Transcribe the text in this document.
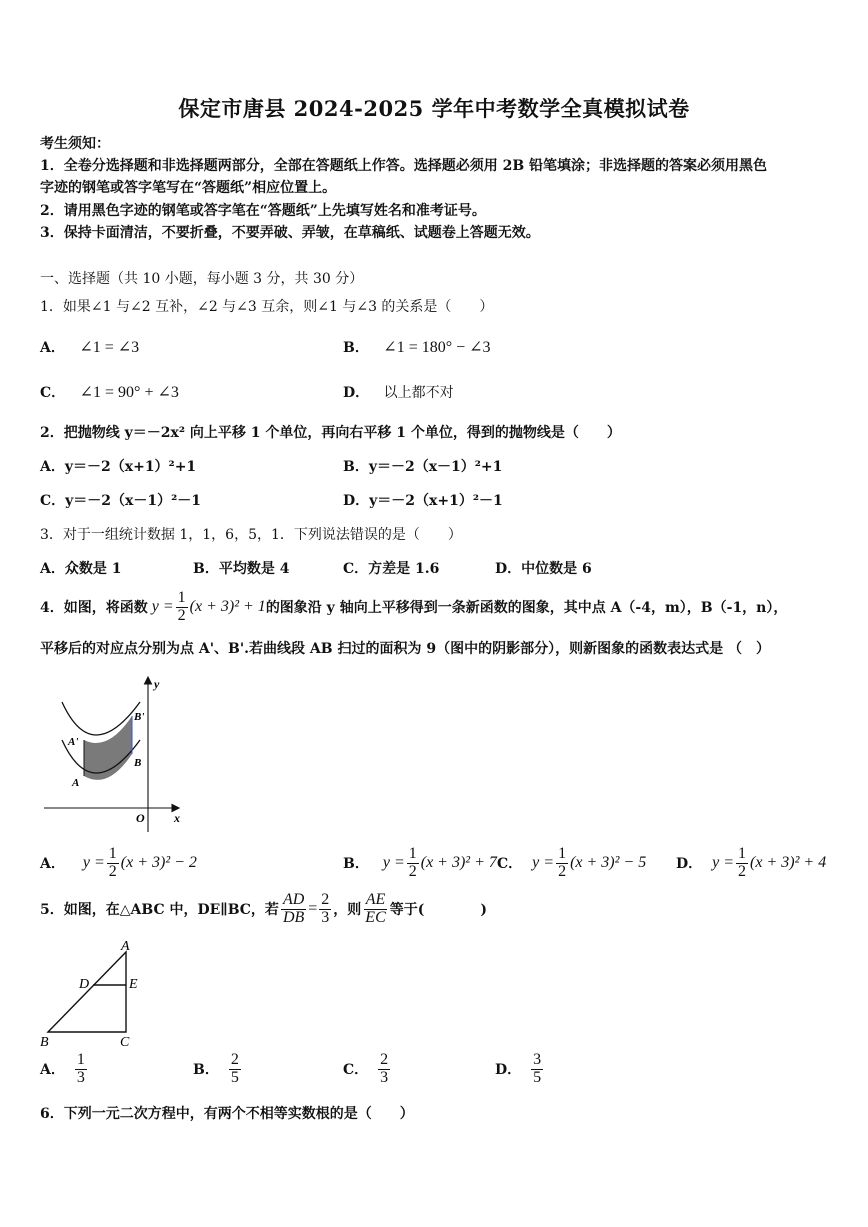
保定市唐县 2024-2025 学年中考数学全真模拟试卷
考生须知：
1．全卷分选择题和非选择题两部分，全部在答题纸上作答。选择题必须用 2B 铅笔填涂；非选择题的答案必须用黑色
字迹的钢笔或答字笔写在“答题纸”相应位置上。
2．请用黑色字迹的钢笔或答字笔在“答题纸”上先填写姓名和准考证号。
3．保持卡面清洁，不要折叠，不要弄破、弄皱，在草稿纸、试题卷上答题无效。
一、选择题（共 10 小题，每小题 3 分，共 30 分）
1．如果∠1 与∠2 互补，∠2 与∠3 互余，则∠1 与∠3 的关系是（　　）
A． ∠1 = ∠3	B． ∠1 = 180° − ∠3
C． ∠1 = 90° + ∠3	D． 以上都不对
2．把抛物线 y＝－2x² 向上平移 1 个单位，再向右平移 1 个单位，得到的抛物线是（　　）
A．y＝－2（x+1）²+1	B．y＝－2（x－1）²+1
C．y＝－2（x－1）²－1	D．y＝－2（x+1）²－1
3．对于一组统计数据 1，1，6，5，1．下列说法错误的是（　　）
A．众数是 1	B．平均数是 4	C．方差是 1.6	D．中位数是 6
4．如图，将函数 $y = \frac{1}{2} (x + 3)^2 + 1$ 的图象沿 y 轴向上平移得到一条新函数的图象，其中点 A（-4，m），B（-1，n），
平移后的对应点分别为点 A'、B'.若曲线段 AB 扫过的面积为 9（图中的阴影部分），则新图象的函数表达式是 （　）
y
x
O
A'
A
B'
B
A． $y = \frac{1}{2} (x + 3)^2 - 2$	B． $y = \frac{1}{2} (x + 3)^2 + 7$ C． $y = \frac{1}{2} (x + 3)^2 - 5$ D． $y = \frac{1}{2} (x + 3)^2 + 4$
5．如图，在△ABC 中，DE∥BC，若 $\frac{AD}{DB} = \frac{2}{3}$ ，则 $\frac{AE}{EC}$ 等于(　　　　)
A
B	C
D	E
A． $\frac{1}{3}$	B． $\frac{2}{5}$	C． $\frac{2}{3}$	D． $\frac{3}{5}$
6．下列一元二次方程中，有两个不相等实数根的是（　　）
